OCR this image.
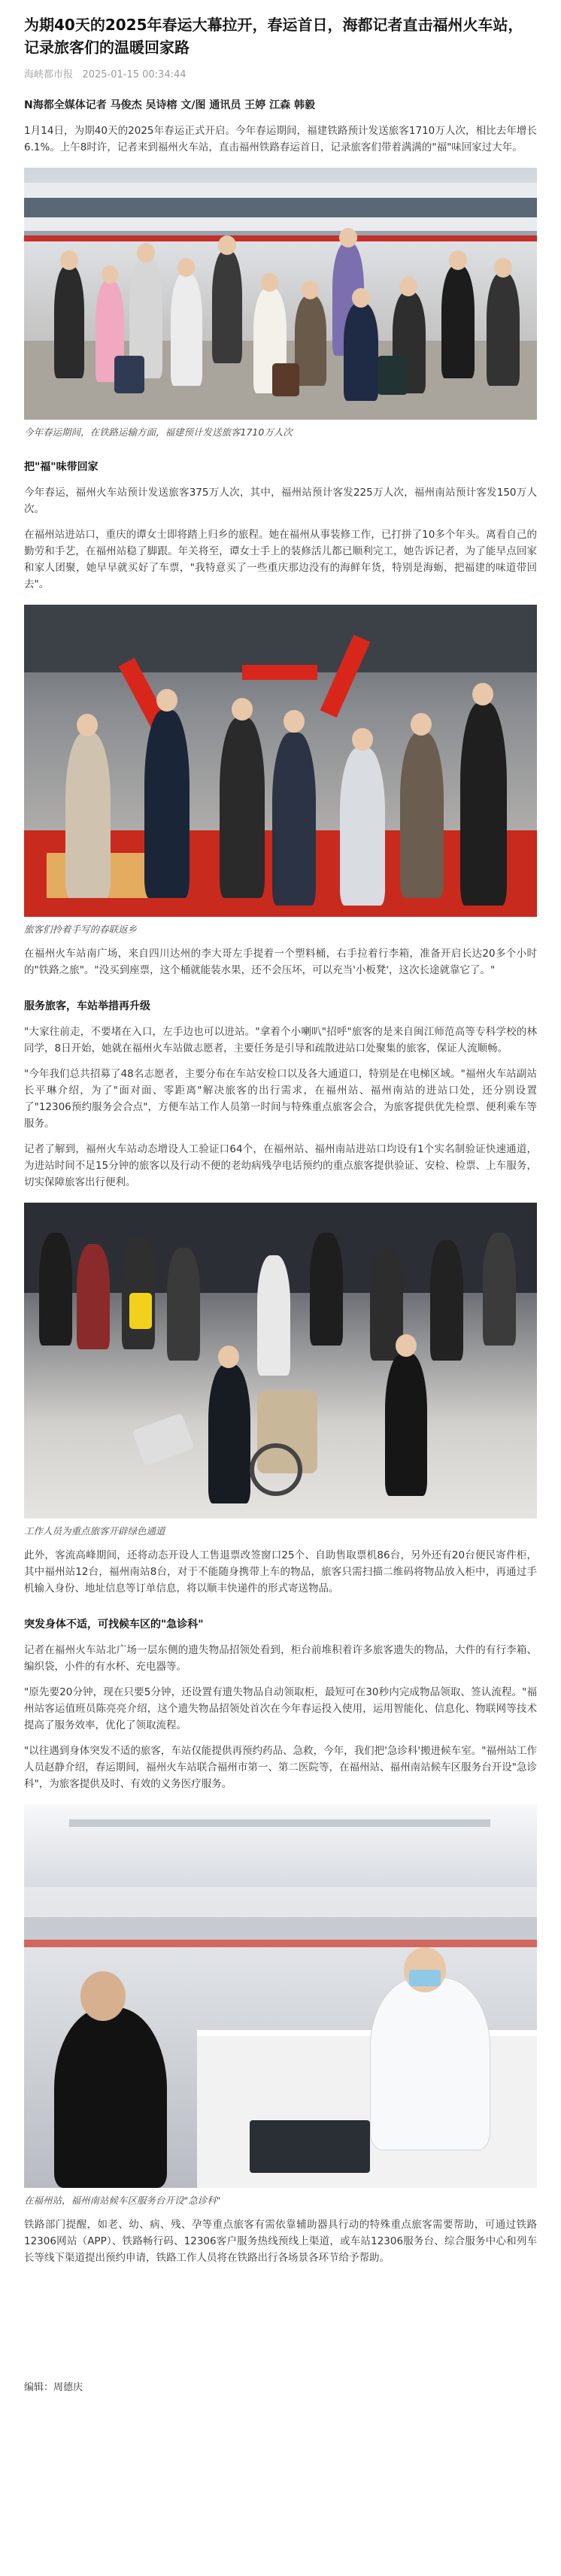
为期40天的2025年春运大幕拉开，春运首日，海都记者直击福州火车站，记录旅客们的温暖回家路
海峡都市报 2025-01-15 00:34:44
N海都全媒体记者 马俊杰 吴诗榕 文/图 通讯员 王婷 江森 韩毅

1月14日，为期40天的2025年春运正式开启。今年春运期间，福建铁路预计发送旅客1710万人次，相比去年增长6.1%。上午8时许，记者来到福州火车站，直击福州铁路春运首日，记录旅客们带着满满的"福"味回家过大年。

今年春运期间，在铁路运输方面，福建预计发送旅客1710万人次
把"福"味带回家

今年春运，福州火车站预计发送旅客375万人次，其中，福州站预计客发225万人次，福州南站预计客发150万人次。

在福州站进站口，重庆的谭女士即将踏上归乡的旅程。她在福州从事装修工作，已打拼了10多个年头。离看自己的勤劳和手艺，在福州站稳了脚跟。年关将至，谭女士手上的装修活儿都已顺利完工，她告诉记者，为了能早点回家和家人团聚，她早早就买好了车票，"我特意买了一些重庆那边没有的海鲜年货，特别是海蛎，把福建的味道带回去"。

旅客们拎着手写的春联返乡

在福州火车站南广场，来自四川达州的李大哥左手提着一个塑料桶，右手拉着行李箱，准备开启长达20多个小时的"铁路之旅"。"没买到座票，这个桶就能装水果，还不会压坏，可以充当'小板凳'，这次长途就靠它了。"

服务旅客，车站举措再升级

"大家往前走，不要堵在入口，左手边也可以进站。"拿着个小喇叭"招呼"旅客的是来自闽江师范高等专科学校的林同学，8日开始，她就在福州火车站做志愿者，主要任务是引导和疏散进站口处聚集的旅客，保证人流顺畅。

"今年我们总共招募了48名志愿者，主要分布在车站安检口以及各大通道口，特别是在电梯区域。"福州火车站副站长平琳介绍，为了"面对面、零距离"解决旅客的出行需求，在福州站、福州南站的进站口处，还分别设置了"12306预约服务会合点"，方便车站工作人员第一时间与特殊重点旅客会合，为旅客提供优先检票、便利乘车等服务。

记者了解到，福州火车站动态增设人工验证口64个，在福州站、福州南站进站口均设有1个实名制验证快速通道，为进站时间不足15分钟的旅客以及行动不便的老幼病残孕电话预约的重点旅客提供验证、安检、检票、上车服务，切实保障旅客出行便利。

工作人员为重点旅客开辟绿色通道

此外，客流高峰期间，还将动态开设人工售退票改签窗口25个、自助售取票机86台，另外还有20台便民寄件柜，其中福州站12台，福州南站8台，对于不能随身携带上车的物品，旅客只需扫描二维码将物品放入柜中，再通过手机输入身份、地址信息等订单信息，将以顺丰快递件的形式寄送物品。

突发身体不适，可找候车区的"急诊科"

记者在福州火车站北广场一层东侧的遗失物品招领处看到，柜台前堆积着许多旅客遗失的物品，大件的有行李箱、编织袋，小件的有水杯、充电器等。

"原先要20分钟，现在只要5分钟，还设置有遗失物品自动领取柜，最短可在30秒内完成物品领取、签认流程。"福州站客运值班员陈亮亮介绍，这个遗失物品招领处首次在今年春运投入使用，运用智能化、信息化、物联网等技术提高了服务效率，优化了领取流程。

"以往遇到身体突发不适的旅客，车站仅能提供再预约药品、急救，今年，我们把'急诊科'搬进候车室。"福州站工作人员赵静介绍，春运期间，福州火车站联合福州市第一、第二医院等，在福州站、福州南站候车区服务台开设"急诊科"，为旅客提供及时、有效的义务医疗服务。

在福州站，福州南站候车区服务台开设"急诊科"

铁路部门提醒，如老、幼、病、残、孕等重点旅客有需依靠辅助器具行动的特殊重点旅客需要帮助，可通过铁路12306网站（APP）、铁路畅行码、12306客户服务热线预线上渠道，或车站12306服务台、综合服务中心和列车长等线下渠道提出预约申请，铁路工作人员将在铁路出行各场景各环节给予帮助。

编辑：周德庆
